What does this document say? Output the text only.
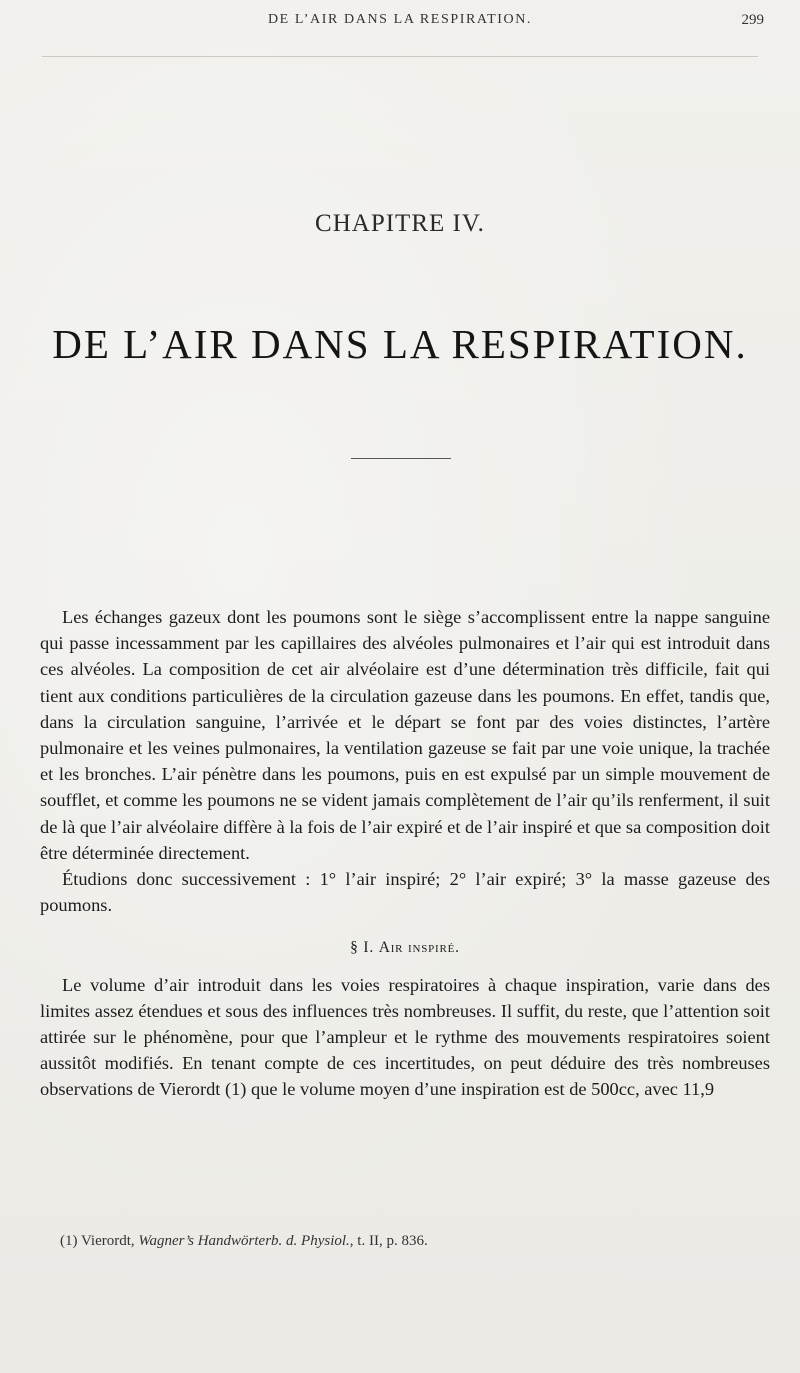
DE L’AIR DANS LA RESPIRATION.	299
CHAPITRE IV.
DE L’AIR DANS LA RESPIRATION.

Les échanges gazeux dont les poumons sont le siège s’accomplissent entre la nappe sanguine qui passe incessamment par les capillaires des alvéoles pulmonaires et l’air qui est introduit dans ces alvéoles. La composition de cet air alvéolaire est d’une détermination très difficile, fait qui tient aux conditions particulières de la circulation gazeuse dans les poumons. En effet, tandis que, dans la circulation sanguine, l’arrivée et le départ se font par des voies distinctes, l’artère pulmonaire et les veines pulmonaires, la ventilation gazeuse se fait par une voie unique, la trachée et les bronches. L’air pénètre dans les poumons, puis en est expulsé par un simple mouvement de soufflet, et comme les poumons ne se vident jamais complètement de l’air qu’ils renferment, il suit de là que l’air alvéolaire diffère à la fois de l’air expiré et de l’air inspiré et que sa composition doit être déterminée directement.

Étudions donc successivement : 1° l’air inspiré; 2° l’air expiré; 3° la masse gazeuse des poumons.

§ I. Air inspiré.

Le volume d’air introduit dans les voies respiratoires à chaque inspiration, varie dans des limites assez étendues et sous des influences très nombreuses. Il suffit, du reste, que l’attention soit attirée sur le phénomène, pour que l’ampleur et le rythme des mouvements respiratoires soient aussitôt modifiés. En tenant compte de ces incertitudes, on peut déduire des très nombreuses observations de Vierordt (1) que le volume moyen d’une inspiration est de 500cc, avec 11,9

(1) Vierordt, Wagner’s Handwörterb. d. Physiol., t. II, p. 836.
